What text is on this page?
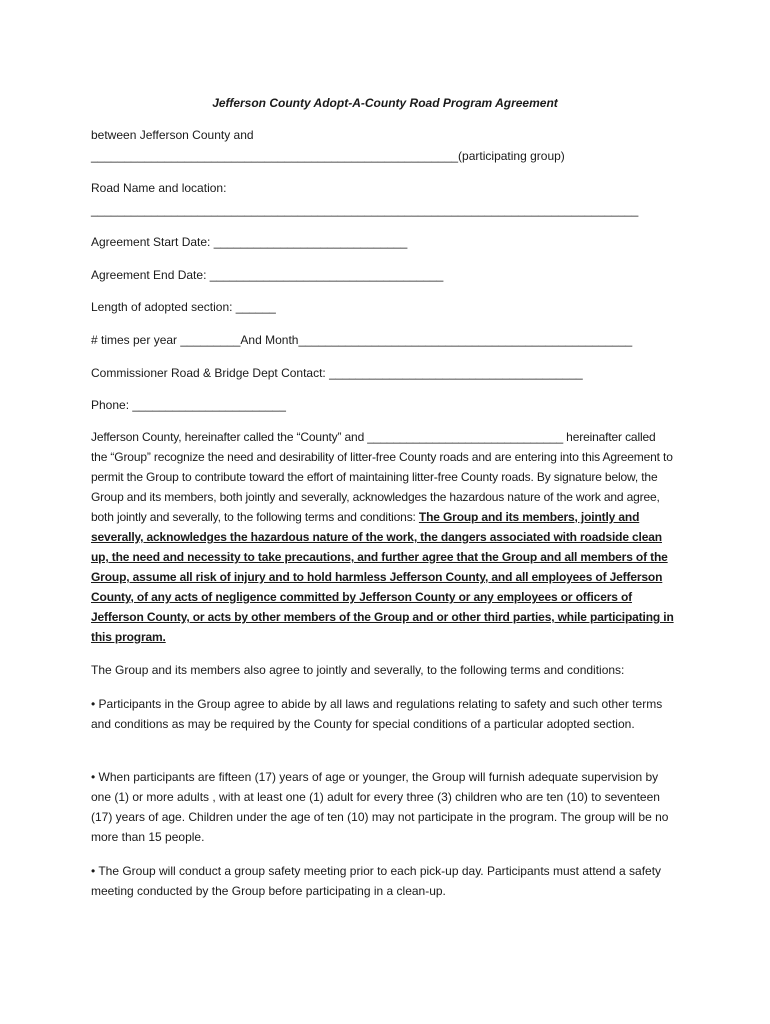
Jefferson County Adopt-A-County Road Program Agreement
between Jefferson County and
_______________________________________________________(participating group)
Road Name and location:
__________________________________________________________________________________
Agreement Start Date: _____________________________
Agreement End Date: ___________________________________
Length of adopted section: ______
# times per year _________And Month__________________________________________________
Commissioner Road & Bridge Dept Contact: ______________________________________
Phone: _______________________

Jefferson County, hereinafter called the “County” and ______________________________ hereinafter called the “Group” recognize the need and desirability of litter-free County roads and are entering into this Agreement to permit the Group to contribute toward the effort of maintaining litter-free County roads. By signature below, the Group and its members, both jointly and severally, acknowledges the hazardous nature of the work and agree, both jointly and severally, to the following terms and conditions: The Group and its members, jointly and severally, acknowledges the hazardous nature of the work, the dangers associated with roadside clean up, the need and necessity to take precautions, and further agree that the Group and all members of the Group, assume all risk of injury and to hold harmless Jefferson County, and all employees of Jefferson County, of any acts of negligence committed by Jefferson County or any employees or officers of Jefferson County, or acts by other members of the Group and or other third parties, while participating in this program.

The Group and its members also agree to jointly and severally, to the following terms and conditions:

• Participants in the Group agree to abide by all laws and regulations relating to safety and such other terms and conditions as may be required by the County for special conditions of a particular adopted section.

• When participants are fifteen (17) years of age or younger, the Group will furnish adequate supervision by one (1) or more adults , with at least one (1) adult for every three (3) children who are ten (10) to seventeen (17) years of age. Children under the age of ten (10) may not participate in the program. The group will be no more than 15 people.

• The Group will conduct a group safety meeting prior to each pick-up day. Participants must attend a safety meeting conducted by the Group before participating in a clean-up.
